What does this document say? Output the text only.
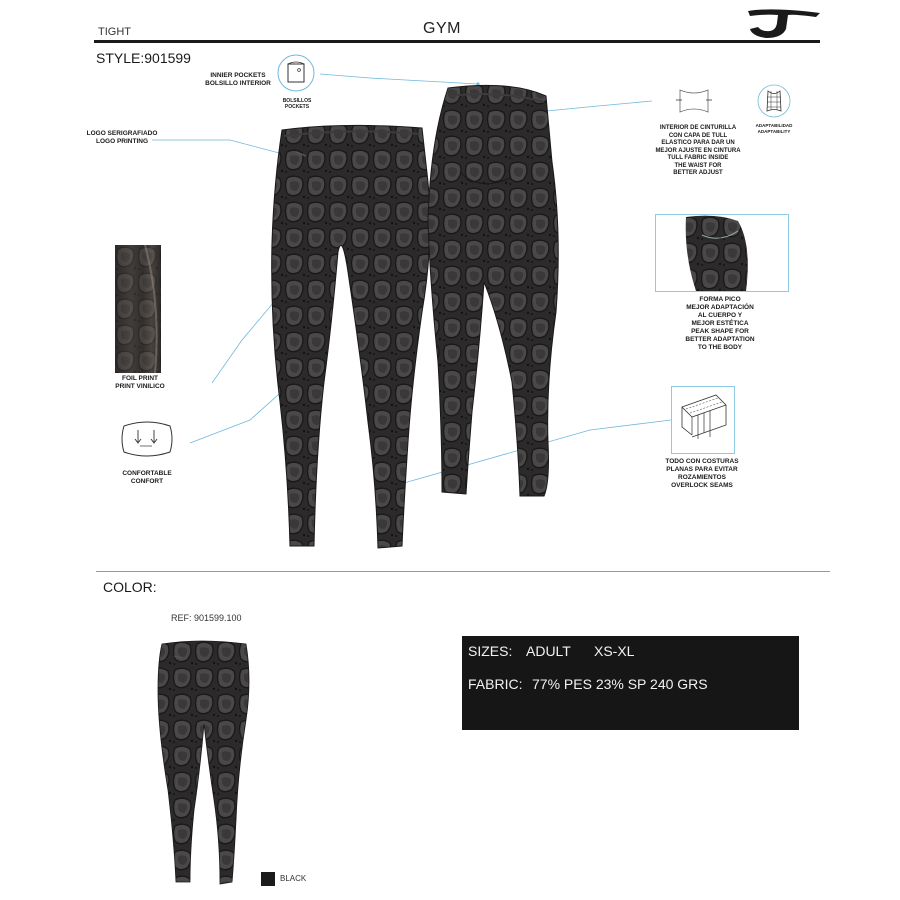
TIGHT	GYM
STYLE:901599
BOLSILLOS
POCKETS
INNIER POCKETS
BOLSILLO INTERIOR
LOGO SERIGRAFIADO
LOGO PRINTING
FOIL PRINT
PRINT VINILICO
CONFORTABLE
CONFORT
INTERIOR DE CINTURILLA
CON CAPA DE TULL
ELASTICO PARA DAR UN
MEJOR AJUSTE EN CINTURA
TULL FABRIC INSIDE
THE WAIST FOR
BETTER ADJUST
ADAPTABILIDAD
ADAPTABILITY
FORMA PICO
MEJOR ADAPTACIÓN
AL CUERPO Y
MEJOR ESTÉTICA
PEAK SHAPE FOR
BETTER ADAPTATION
TO THE BODY
TODO CON COSTURAS
PLANAS PARA EVITAR
ROZAMIENTOS
OVERLOCK SEAMS
COLOR:
REF: 901599.100
BLACK
SIZES: ADULT XS-XL
FABRIC: 77% PES 23% SP 240 GRS
